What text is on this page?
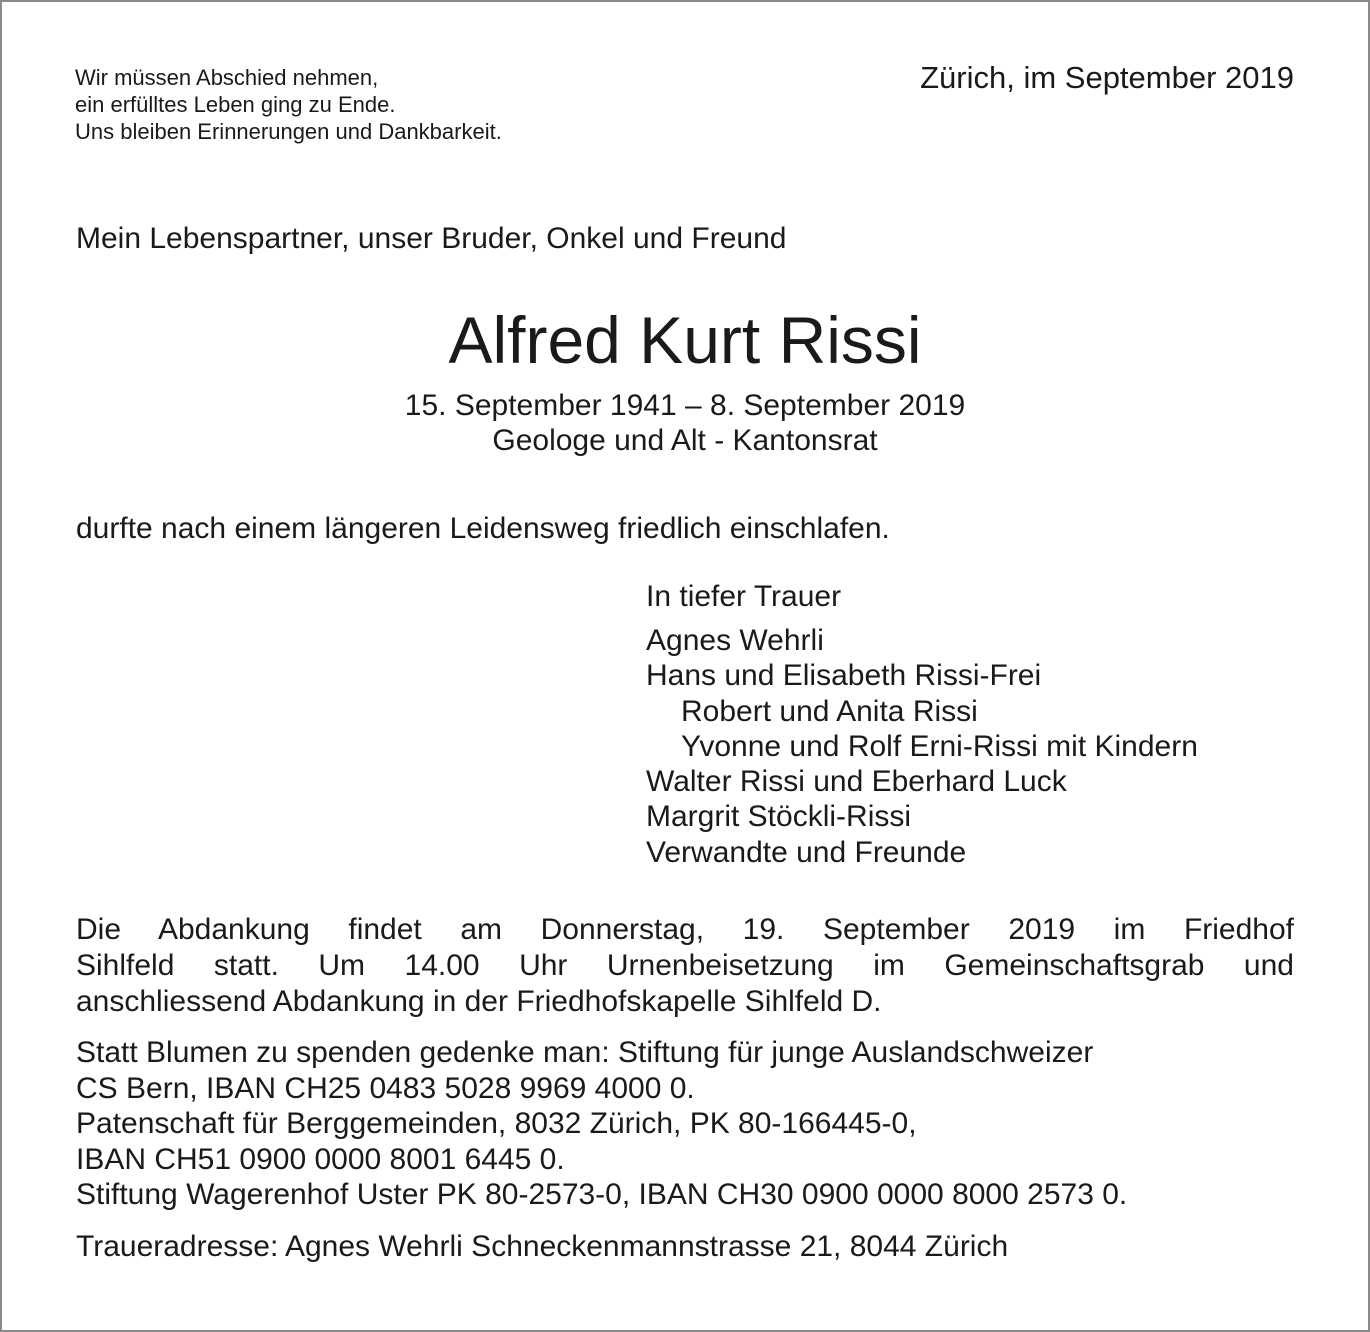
Wir müssen Abschied nehmen,
ein erfülltes Leben ging zu Ende.
Uns bleiben Erinnerungen und Dankbarkeit.
Zürich, im September 2019
Mein Lebenspartner, unser Bruder, Onkel und Freund
Alfred Kurt Rissi
15. September 1941 – 8. September 2019
Geologe und Alt - Kantonsrat
durfte nach einem längeren Leidensweg friedlich einschlafen.
In tiefer Trauer
Agnes Wehrli
Hans und Elisabeth Rissi-Frei
Robert und Anita Rissi
Yvonne und Rolf Erni-Rissi mit Kindern
Walter Rissi und Eberhard Luck
Margrit Stöckli-Rissi
Verwandte und Freunde
Die Abdankung findet am Donnerstag, 19. September 2019 im Friedhof
Sihlfeld statt. Um 14.00 Uhr Urnenbeisetzung im Gemeinschaftsgrab und
anschliessend Abdankung in der Friedhofskapelle Sihlfeld D.
Statt Blumen zu spenden gedenke man: Stiftung für junge Auslandschweizer
CS Bern, IBAN CH25 0483 5028 9969 4000 0.
Patenschaft für Berggemeinden, 8032 Zürich, PK 80-166445-0,
IBAN CH51 0900 0000 8001 6445 0.
Stiftung Wagerenhof Uster PK 80-2573-0, IBAN CH30 0900 0000 8000 2573 0.
Traueradresse: Agnes Wehrli Schneckenmannstrasse 21, 8044 Zürich
